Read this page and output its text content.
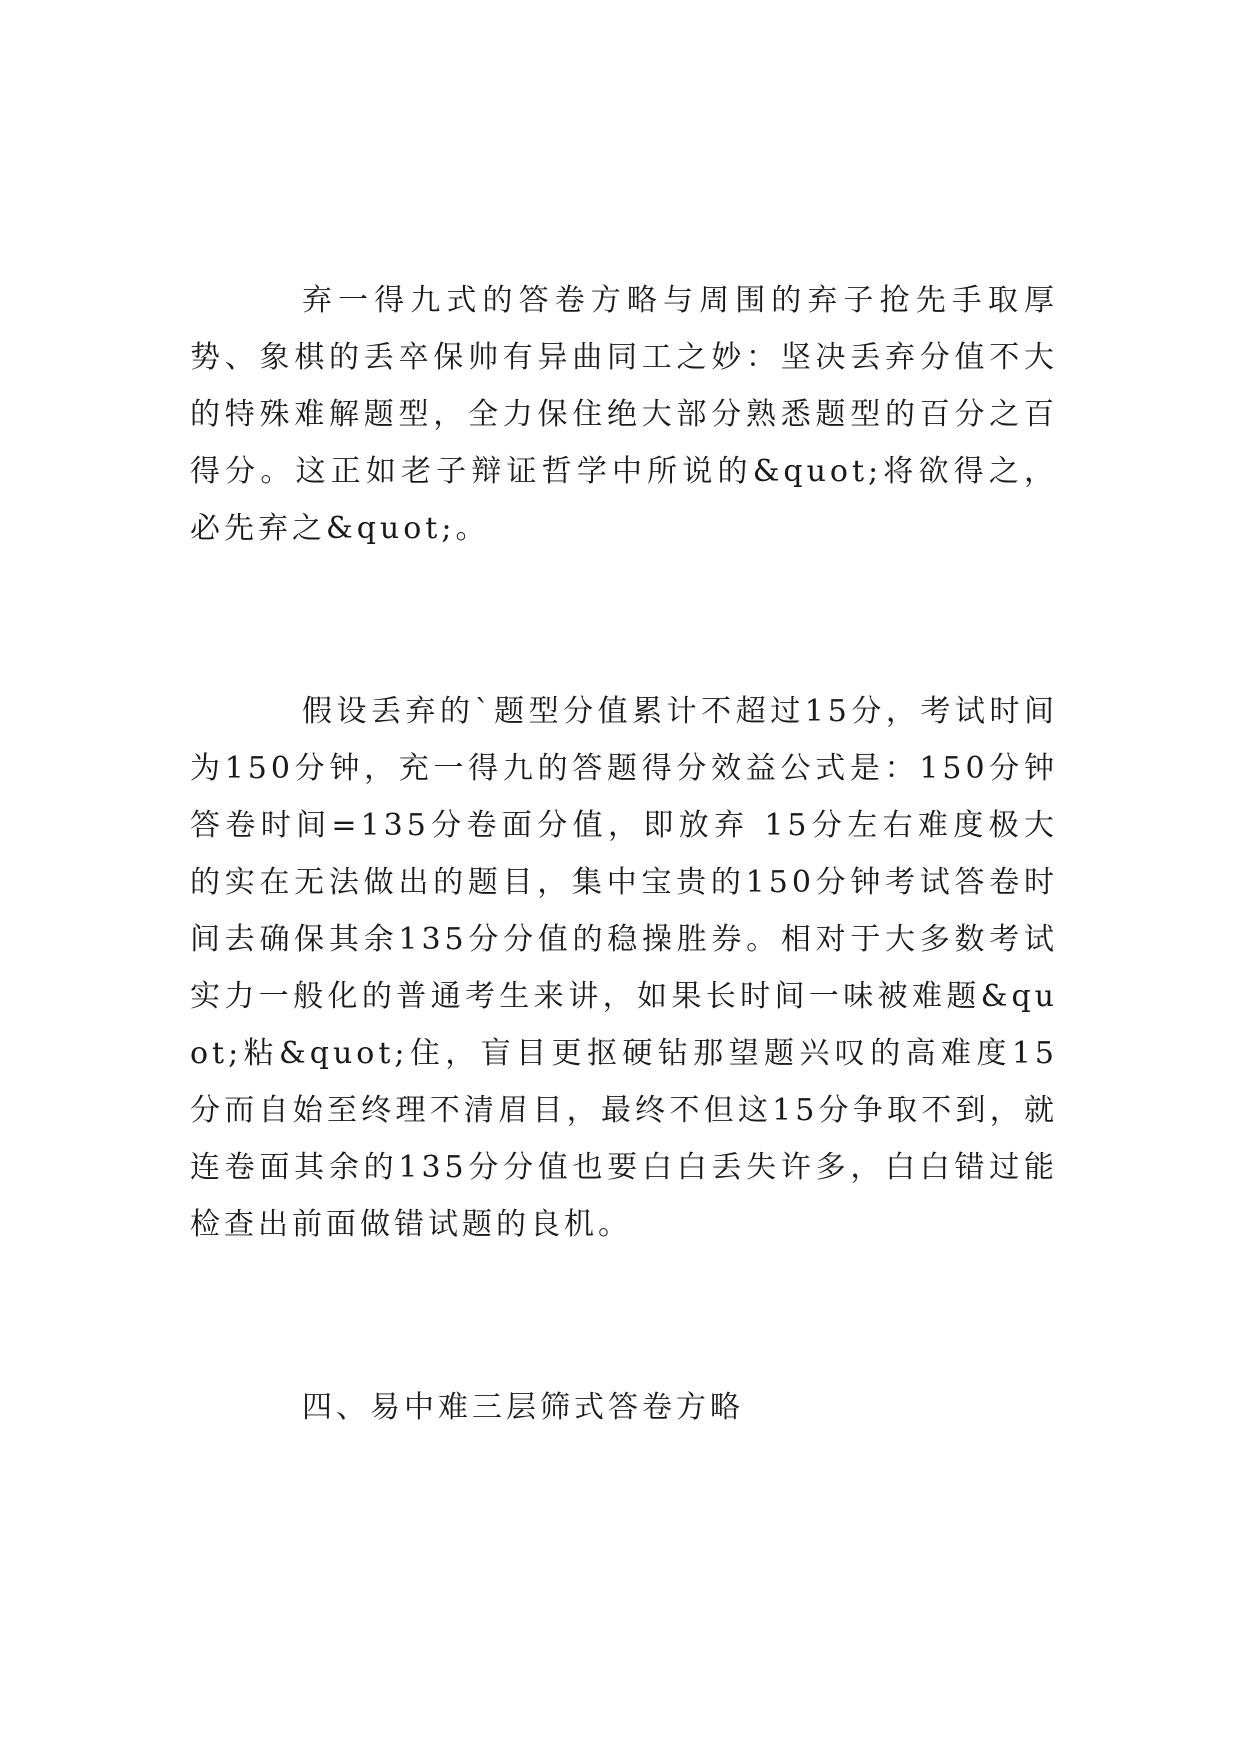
弃一得九式的答卷方略与周围的弃子抢先手取厚势、象棋的丢卒保帅有异曲同工之妙：坚决丢弃分值不大的特殊难解题型，全力保住绝大部分熟悉题型的百分之百得分。这正如老子辩证哲学中所说的&quot;将欲得之，必先弃之&quot;。

假设丢弃的`题型分值累计不超过15分，考试时间为150分钟，充一得九的答题得分效益公式是：150分钟答卷时间=135分卷面分值，即放弃 15分左右难度极大的实在无法做出的题目，集中宝贵的150分钟考试答卷时间去确保其余135分分值的稳操胜券。相对于大多数考试实力一般化的普通考生来讲，如果长时间一味被难题&quot;粘&quot;住，盲目更抠硬钻那望题兴叹的高难度15分而自始至终理不清眉目，最终不但这15分争取不到，就连卷面其余的135分分值也要白白丢失许多，白白错过能检查出前面做错试题的良机。

四、易中难三层筛式答卷方略
